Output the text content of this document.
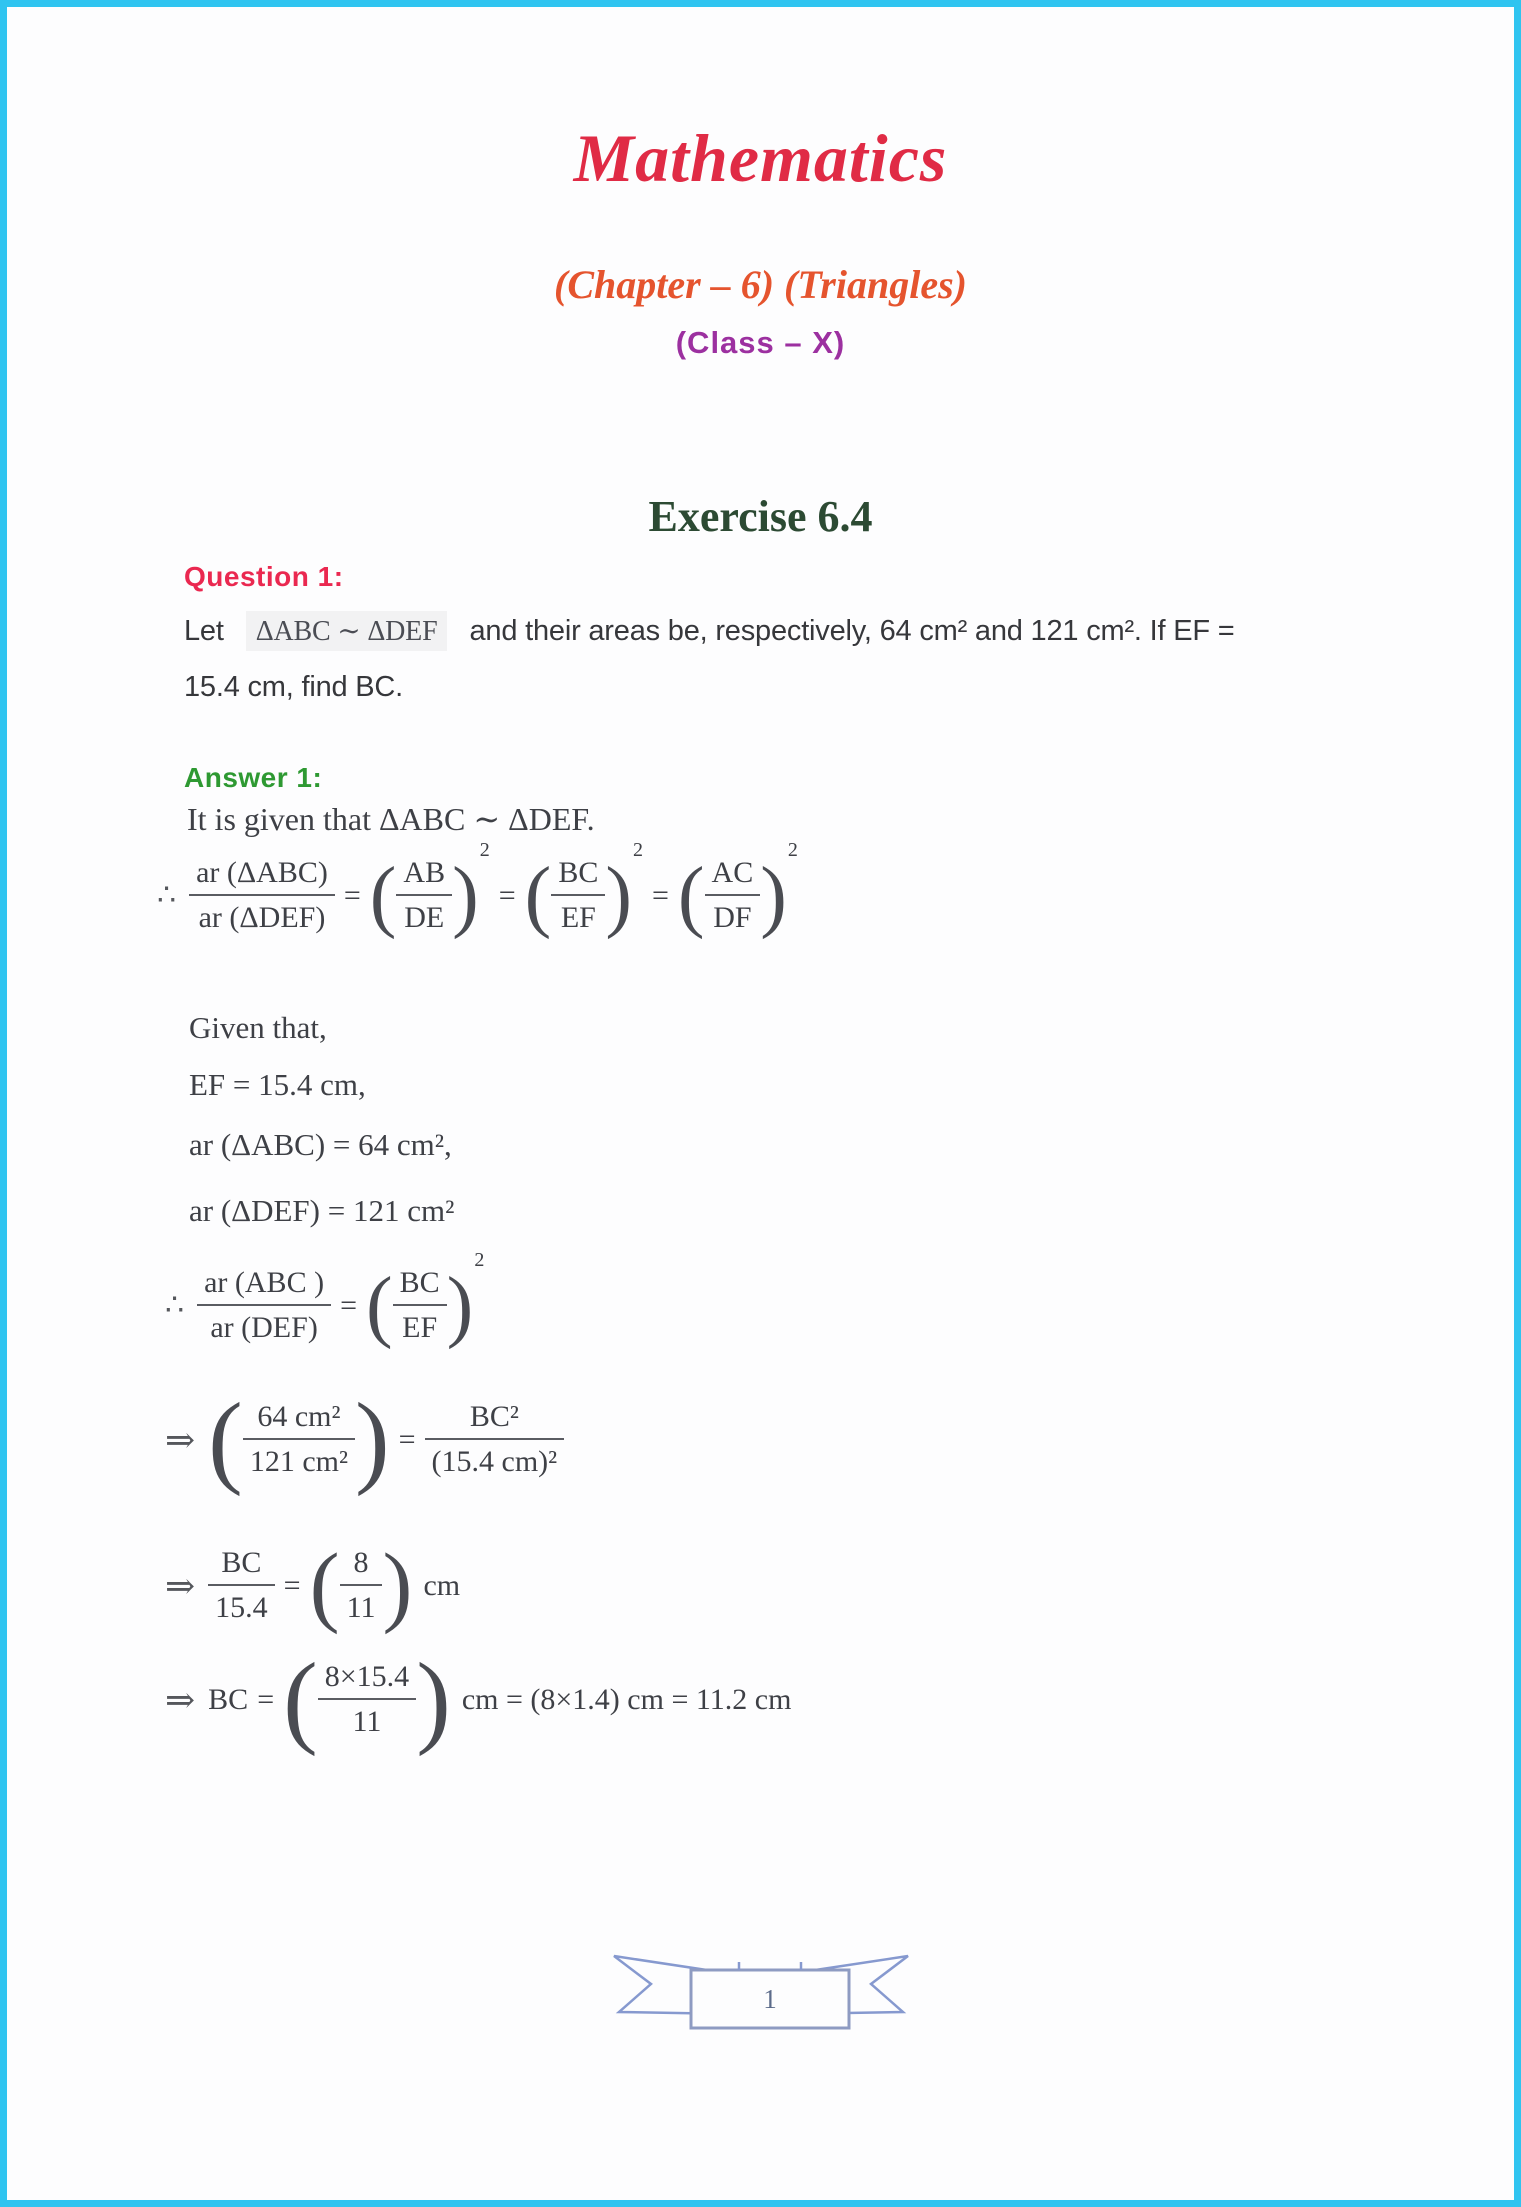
Mathematics
(Chapter – 6) (Triangles)
(Class – X)
Exercise 6.4
Question 1:
Let	ΔABC ∼ ΔDEF	and their areas be, respectively, 64 cm² and 121 cm². If EF =
15.4 cm, find BC.
Answer 1:
It is given that ΔABC ∼ ΔDEF.
∴ $\frac{\text{ar (ΔABC)}}{\text{ar (ΔDEF)}}$ = ( $\frac{AB}{DE}$ )
2
= ( $\frac{BC}{EF}$ )
2
= ( $\frac{AC}{DF}$ )
2
Given that,
EF = 15.4 cm,
ar (ΔABC) = 64 cm²,
ar (ΔDEF) = 121 cm²
∴ $\frac{\text{ar (ABC )}}{\text{ar (DEF)}}$ = ( $\frac{BC}{EF}$ )
2
⇒ ( $\frac{\text{64 cm²}}{\text{121 cm²}}$ ) = $\frac{\text{BC²}}{\text{(15.4 cm)²}}$
⇒ $\frac{BC}{15.4}$ = ( $\frac{8}{11}$ ) cm
⇒ BC = ( $\frac{8\times 15.4}{11}$ ) cm = (8×1.4) cm = 11.2 cm
1
